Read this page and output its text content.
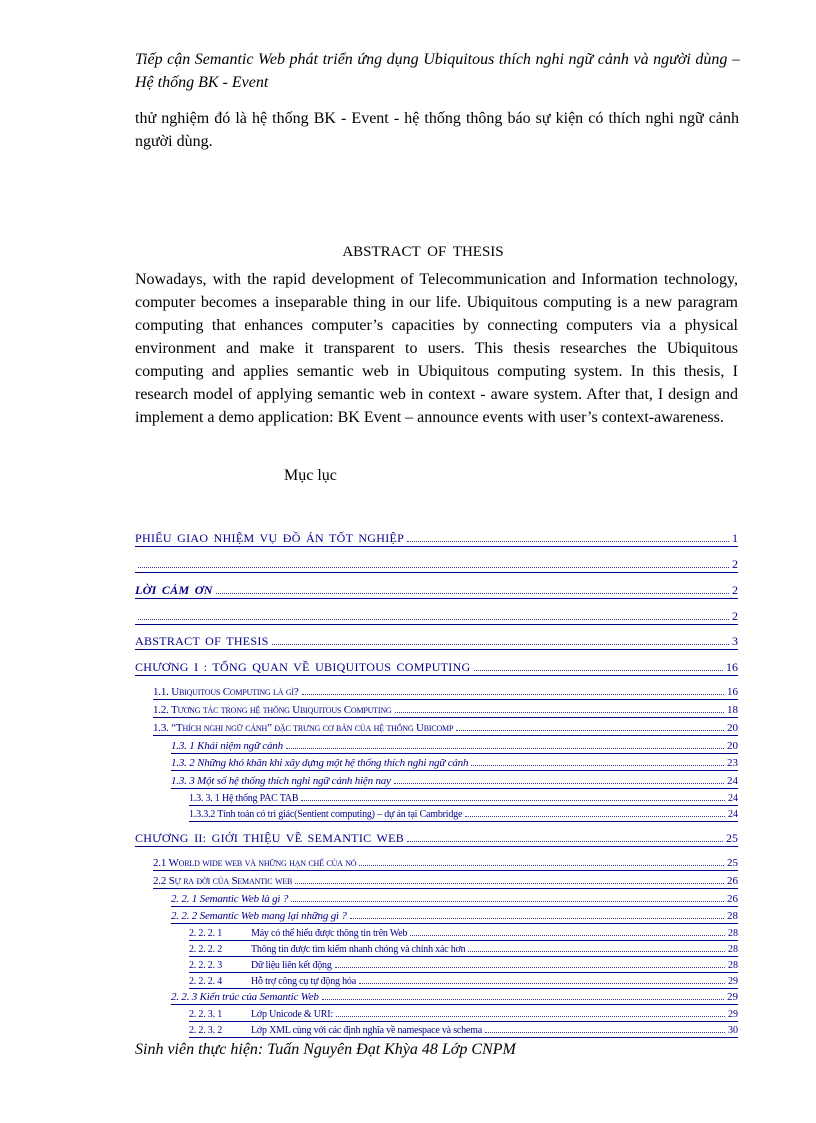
Tiếp cận Semantic Web phát triển ứng dụng Ubiquitous thích nghi ngữ cảnh và người dùng – Hệ thống BK - Event
thử nghiệm đó là hệ thống BK - Event - hệ thống thông báo sự kiện có thích nghi ngữ cảnh người dùng.
ABSTRACT OF THESIS
Nowadays, with the rapid development of Telecommunication and Information technology, computer becomes a inseparable thing in our life. Ubiquitous computing is a new paragram computing that enhances computer’s capacities by connecting computers via a physical environment and make it transparent to users. This thesis researches the Ubiquitous computing and applies semantic web in Ubiquitous computing system. In this thesis, I research model of applying semantic web in context - aware system. After that, I design and implement a demo application: BK Event – announce events with user’s context-awareness.
Mục lục
PHIẾU GIAO NHIỆM VỤ ĐỒ ÁN TỐT NGHIỆP	1
2
LỜI CẢM ƠN	2
2
ABSTRACT OF THESIS	3
CHƯƠNG I : TỔNG QUAN VỀ UBIQUITOUS COMPUTING	16
1.1. Ubiquitous Computing là gì?	16
1.2. Tương tác trong hệ thống Ubiquitous Computing	18
1.3. “Thích nghi ngữ cảnh” đặc trưng cơ bản của hệ thống Ubicomp	20
1.3. 1 Khái niệm ngữ cảnh	20
1.3. 2 Những khó khăn khi xây dựng một hệ thống thích nghi ngữ cảnh	23
1.3. 3 Một số hệ thống thích nghi ngữ cảnh hiện nay	24
1.3. 3. 1 Hệ thống PAC TAB	24
1.3.3.2 Tính toán có tri giác(Sentient computing) – dự án tại Cambridge	24
CHƯƠNG II: GIỚI THIỆU VỀ SEMANTIC WEB	25
2.1 World wide web và những hạn chế của nó	25
2.2 Sự ra đời của Semantic web	26
2. 2. 1 Semantic Web là gì ?	26
2. 2. 2 Semantic Web mang lại những gì ?	28
2. 2. 2. 1	Máy có thể hiểu được thông tin trên Web	28
2. 2. 2. 2	Thông tin được tìm kiếm nhanh chóng và chính xác hơn	28
2. 2. 2. 3	Dữ liệu liên kết động	28
2. 2. 2. 4	Hỗ trợ công cụ tự động hóa	29
2. 2. 3 Kiến trúc của Semantic Web	29
2. 2. 3. 1	Lớp Unicode & URI:	29
2. 2. 3. 2	Lớp XML cùng với các định nghĩa về namespace và schema	30
Sinh viên thực hiện: Tuấn Nguyên Đạt Khỳa 48 Lớp CNPM
